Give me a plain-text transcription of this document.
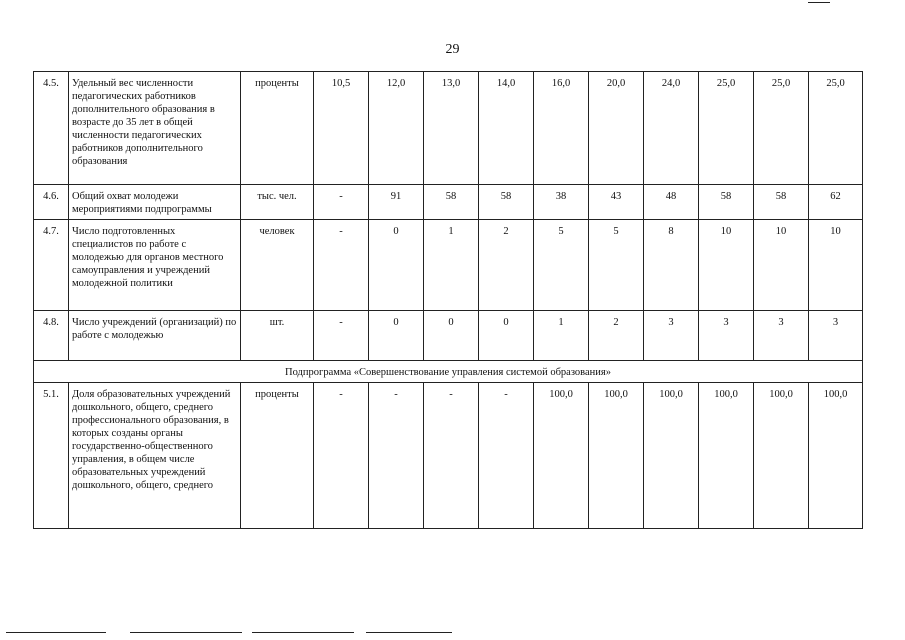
29
4.5.	Удельный вес численности педагогических работников дополнительного образования в возрасте до 35 лет в общей численности педагогических работников дополнительного образования	проценты	10,5	12,0	13,0	14,0	16,0	20,0	24,0	25,0	25,0	25,0
4.6.	Общий охват молодежи мероприятиями подпрограммы	тыс. чел.	-	91	58	58	38	43	48	58	58	62
4.7.	Число подготовленных специалистов по работе с молодежью для органов местного самоуправления и учреждений молодежной политики	человек	-	0	1	2	5	5	8	10	10	10
4.8.	Число учреждений (организаций) по работе с молодежью	шт.	-	0	0	0	1	2	3	3	3	3
Подпрограмма «Совершенствование управления системой образования»												
5.1.	Доля образовательных учреждений дошкольного, общего, среднего профессионального образования, в которых созданы органы государственно-общественного управления, в общем числе образовательных учреждений дошкольного, общего, среднего	проценты	-	-	-	-	100,0	100,0	100,0	100,0	100,0	100,0
